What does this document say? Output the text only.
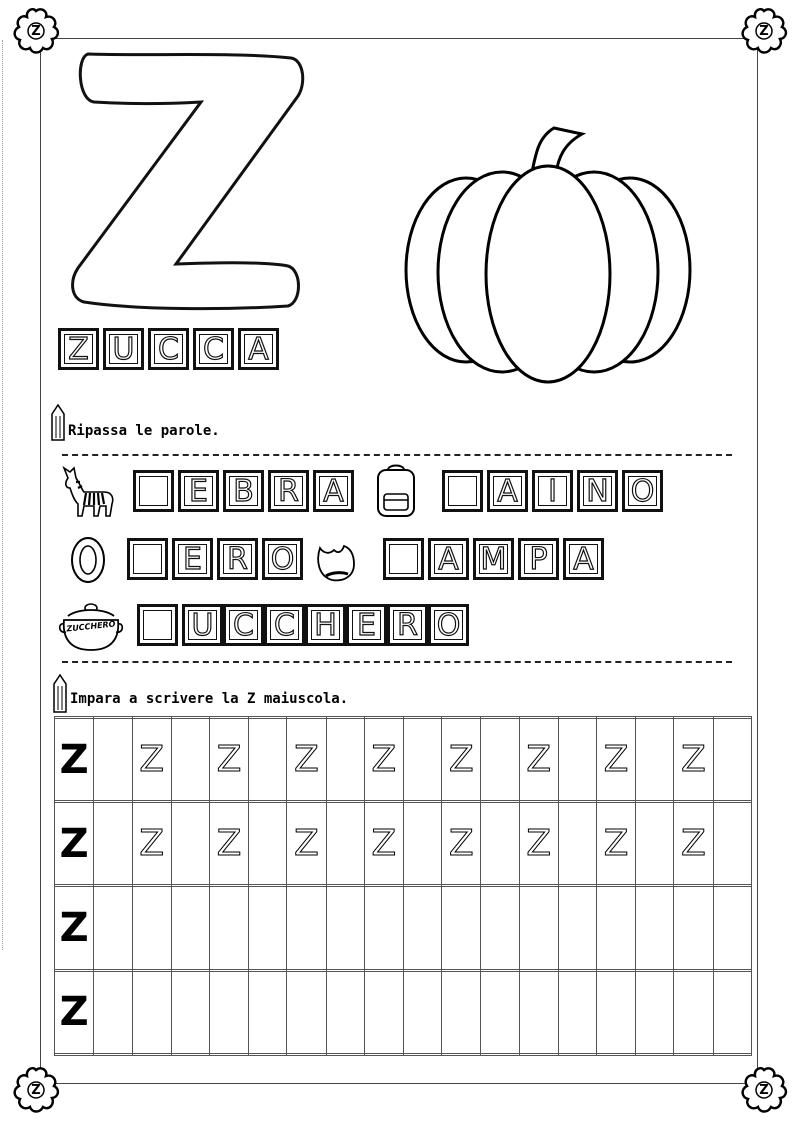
Z	Z
Z	Z
Z U C C A
Ripassa le parole.
E B R A	A I N O
E R O	A M P A
ZUCCHERO	U C C H E R O
Impara a scrivere la Z maiuscola.

Z		Z		Z		Z		Z		Z		Z		Z		Z	

Z		Z		Z		Z		Z		Z		Z		Z		Z	

Z																	

Z																	
